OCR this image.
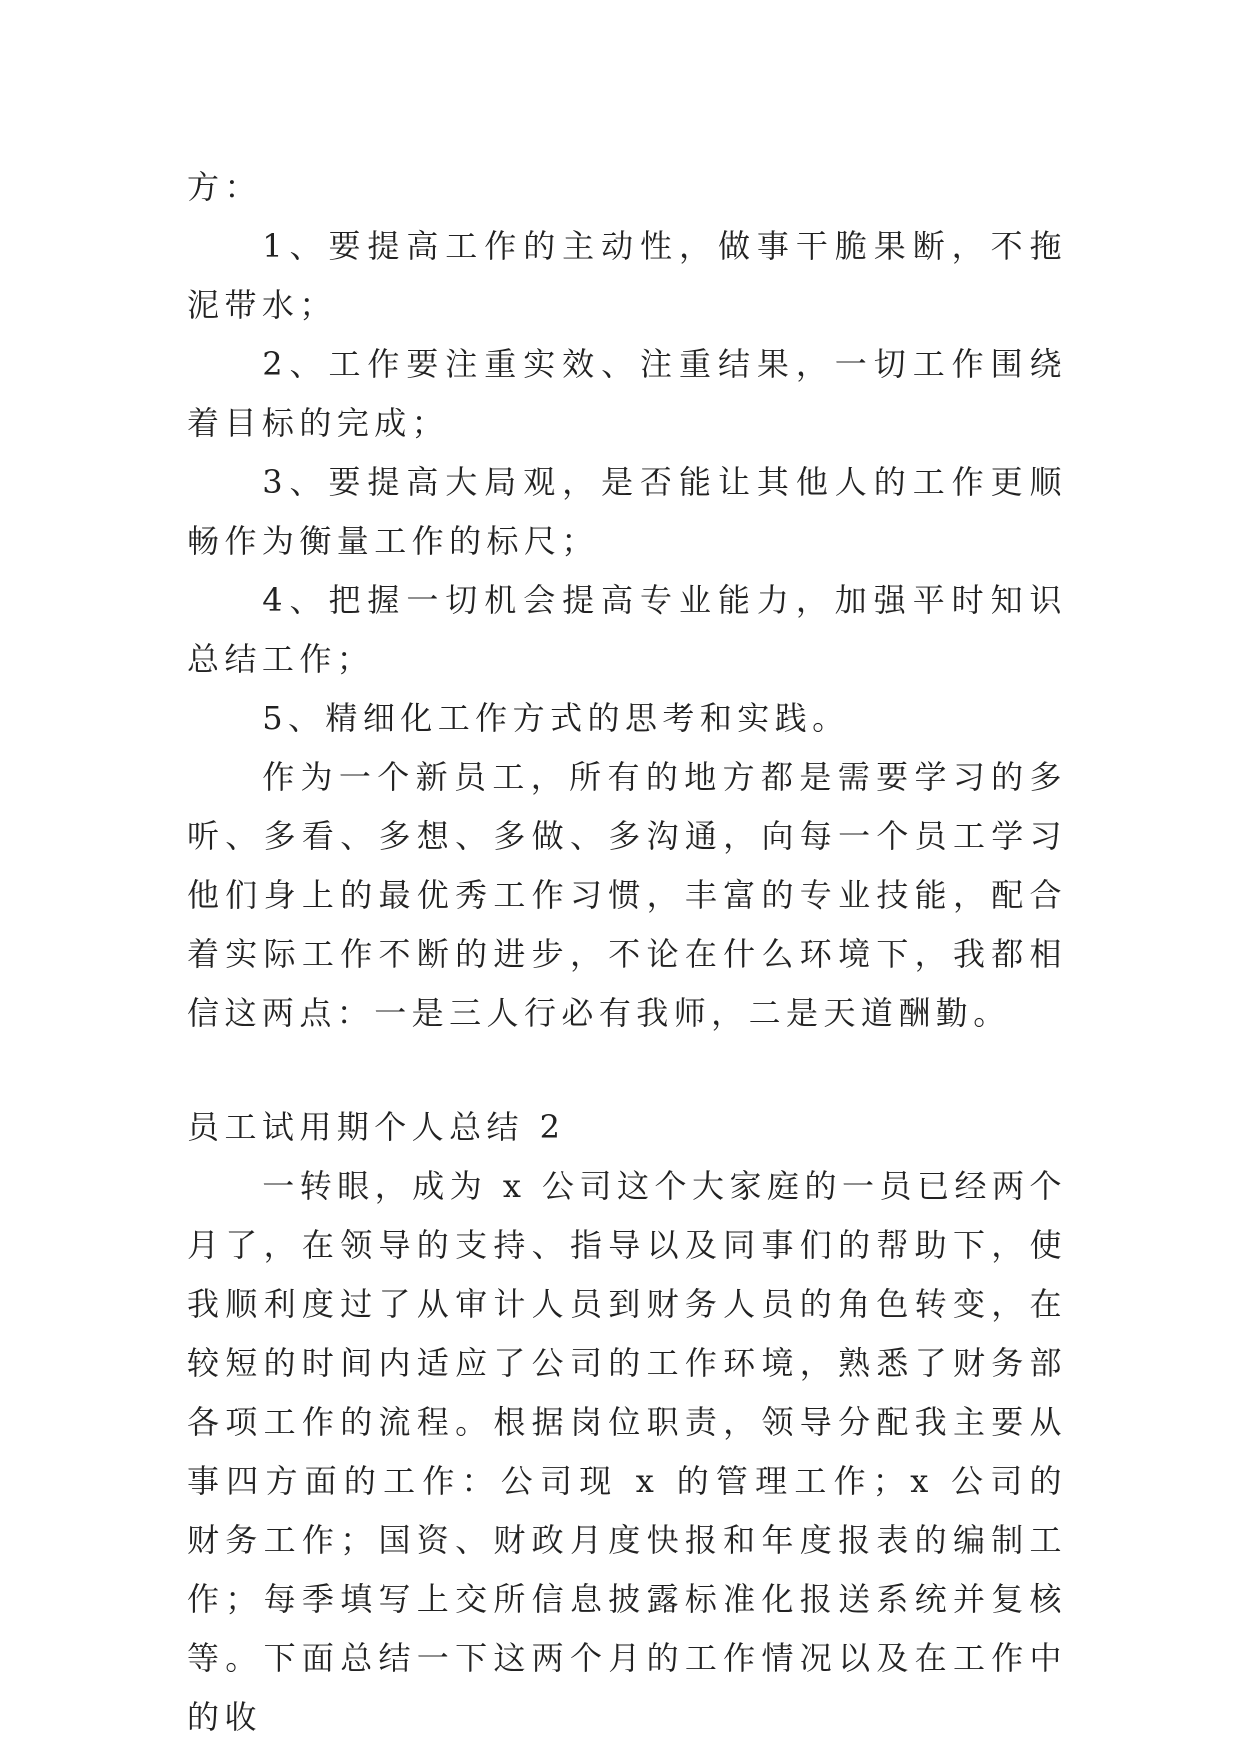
方：

1、要提高工作的主动性，做事干脆果断，不拖泥带水；

2、工作要注重实效、注重结果，一切工作围绕着目标的完成；

3、要提高大局观，是否能让其他人的工作更顺畅作为衡量工作的标尺；

4、把握一切机会提高专业能力，加强平时知识总结工作；

5、精细化工作方式的思考和实践。

作为一个新员工，所有的地方都是需要学习的多听、多看、多想、多做、多沟通，向每一个员工学习他们身上的最优秀工作习惯，丰富的专业技能，配合着实际工作不断的进步，不论在什么环境下，我都相信这两点：一是三人行必有我师，二是天道酬勤。

员工试用期个人总结 2

一转眼，成为 x 公司这个大家庭的一员已经两个月了，在领导的支持、指导以及同事们的帮助下，使我顺利度过了从审计人员到财务人员的角色转变，在较短的时间内适应了公司的工作环境，熟悉了财务部各项工作的流程。根据岗位职责，领导分配我主要从事四方面的工作：公司现 x 的管理工作；x 公司的财务工作；国资、财政月度快报和年度报表的编制工作；每季填写上交所信息披露标准化报送系统并复核等。下面总结一下这两个月的工作情况以及在工作中的收
